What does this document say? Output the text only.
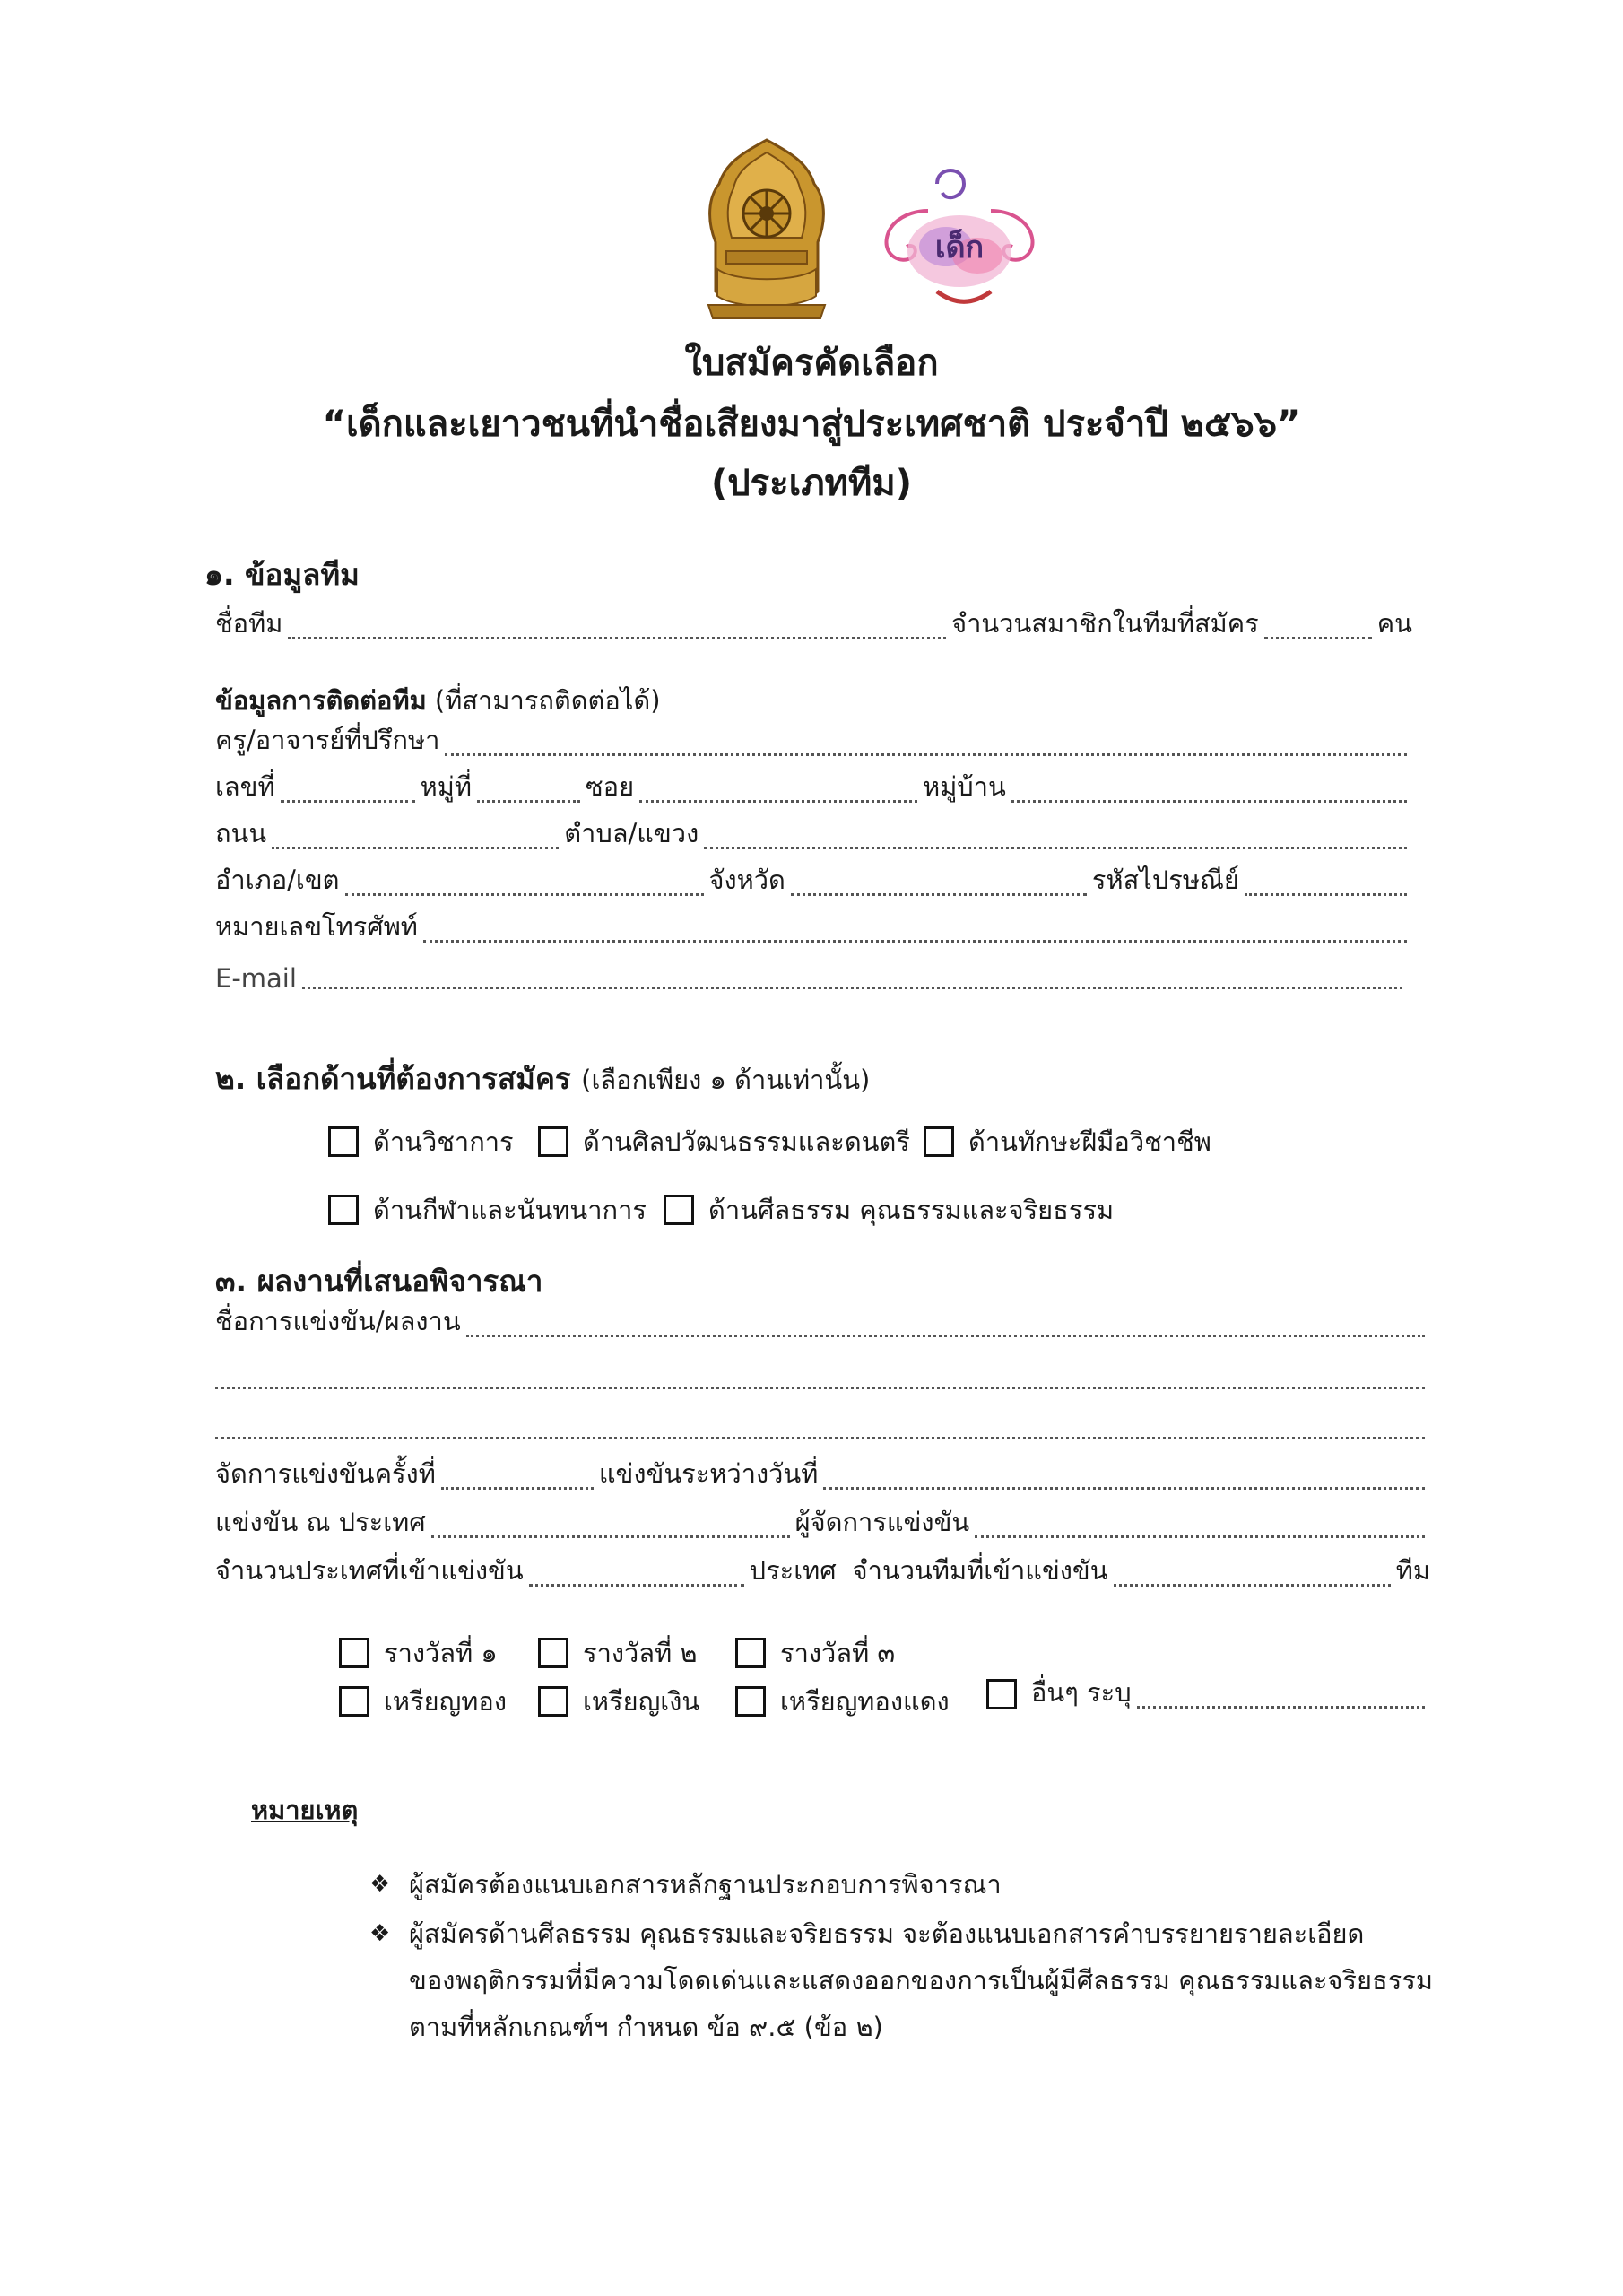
เด็ก
ใบสมัครคัดเลือก
“เด็กและเยาวชนที่นำชื่อเสียงมาสู่ประเทศชาติ ประจำปี ๒๕๖๖”
(ประเภททีม)
๑. ข้อมูลทีม
ชื่อทีม	จำนวนสมาชิกในทีมที่สมัคร	คน
ข้อมูลการติดต่อทีม (ที่สามารถติดต่อได้)
ครู/อาจารย์ที่ปรึกษา
เลขที่	หมู่ที่	ซอย	หมู่บ้าน
ถนน	ตำบล/แขวง
อำเภอ/เขต	จังหวัด	รหัสไปรษณีย์
หมายเลขโทรศัพท์
E-mail
๒. เลือกด้านที่ต้องการสมัคร (เลือกเพียง ๑ ด้านเท่านั้น)
ด้านวิชาการ	ด้านศิลปวัฒนธรรมและดนตรี ด้านทักษะฝีมือวิชาชีพ
ด้านกีฬาและนันทนาการ ด้านศีลธรรม คุณธรรมและจริยธรรม
๓. ผลงานที่เสนอพิจารณา
ชื่อการแข่งขัน/ผลงาน
จัดการแข่งขันครั้งที่	แข่งขันระหว่างวันที่
แข่งขัน ณ ประเทศ	ผู้จัดการแข่งขัน
จำนวนประเทศที่เข้าแข่งขัน	ประเทศ จำนวนทีมที่เข้าแข่งขัน	ทีม
รางวัลที่ ๑	รางวัลที่ ๒	รางวัลที่ ๓
เหรียญทอง	เหรียญเงิน	เหรียญทองแดง	อื่นๆ ระบุ
หมายเหตุ
❖ ผู้สมัครต้องแนบเอกสารหลักฐานประกอบการพิจารณา
❖ ผู้สมัครด้านศีลธรรม คุณธรรมและจริยธรรม จะต้องแนบเอกสารคำบรรยายรายละเอียด
ของพฤติกรรมที่มีความโดดเด่นและแสดงออกของการเป็นผู้มีศีลธรรม คุณธรรมและจริยธรรม
ตามที่หลักเกณฑ์ฯ กำหนด ข้อ ๙.๕ (ข้อ ๒)
